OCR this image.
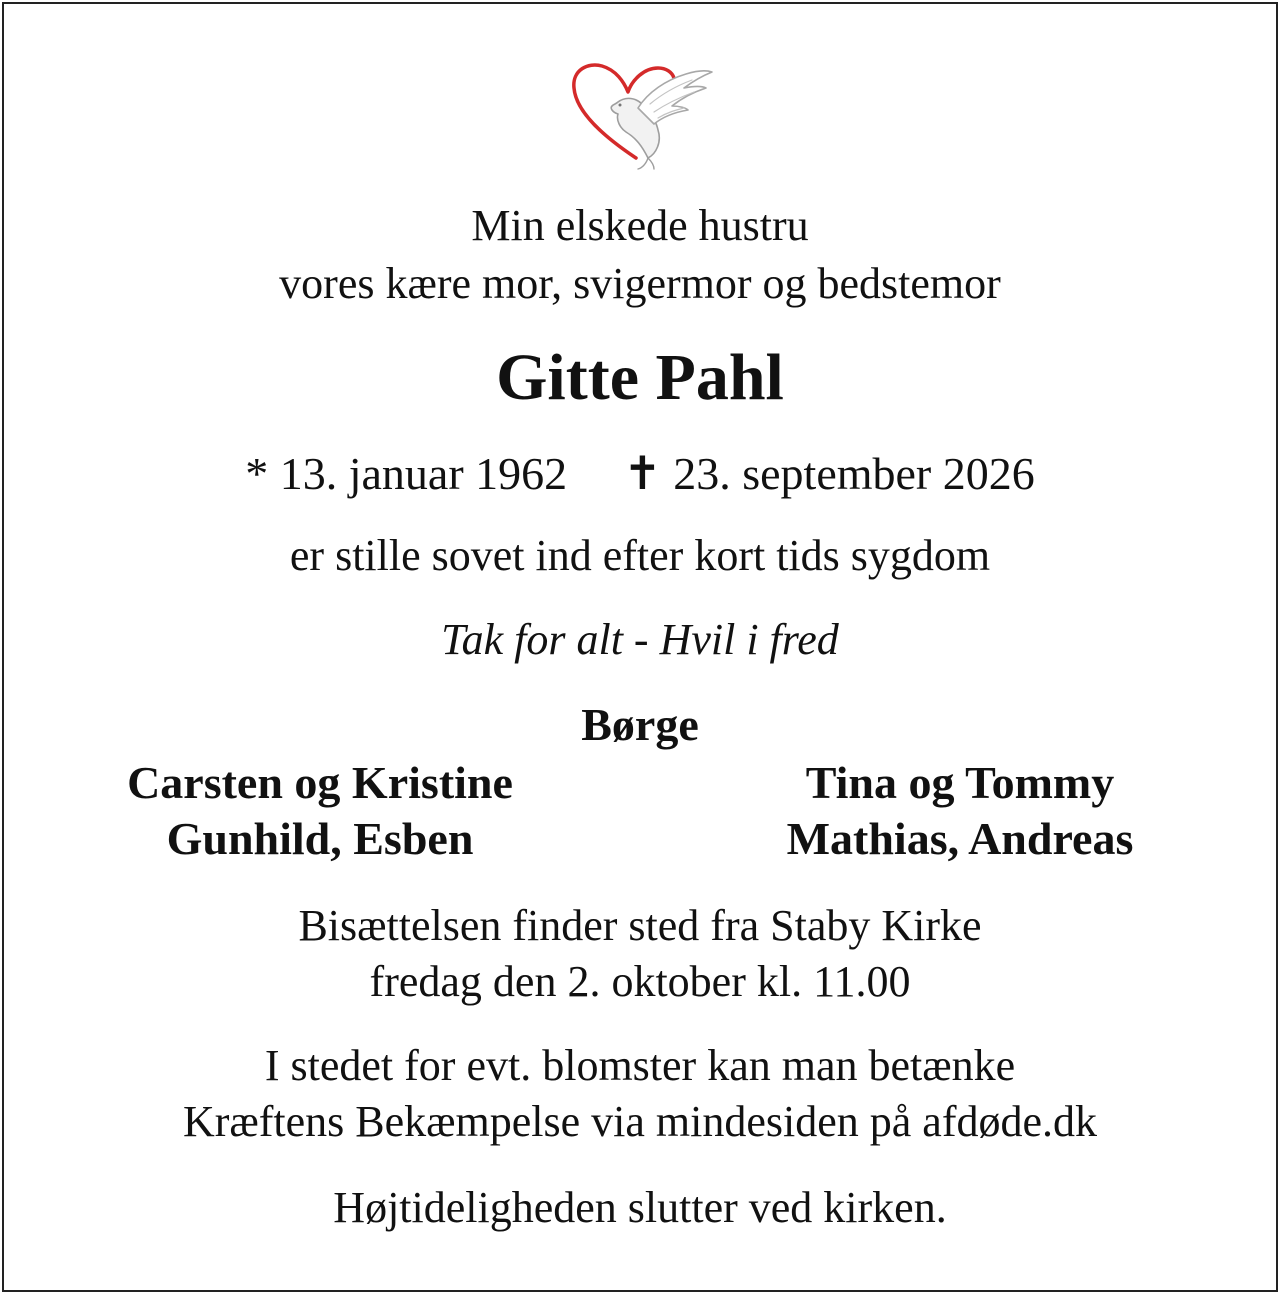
Min elskede hustru
vores kære mor, svigermor og bedstemor
Gitte Pahl
* 13. januar 1962 ✝ 23. september 2026
er stille sovet ind efter kort tids sygdom
Tak for alt - Hvil i fred
Børge
Carsten og Kristine
Gunhild, Esben
Tina og Tommy
Mathias, Andreas
Bisættelsen finder sted fra Staby Kirke
fredag den 2. oktober kl. 11.00
I stedet for evt. blomster kan man betænke
Kræftens Bekæmpelse via mindesiden på afdøde.dk
Højtideligheden slutter ved kirken.
